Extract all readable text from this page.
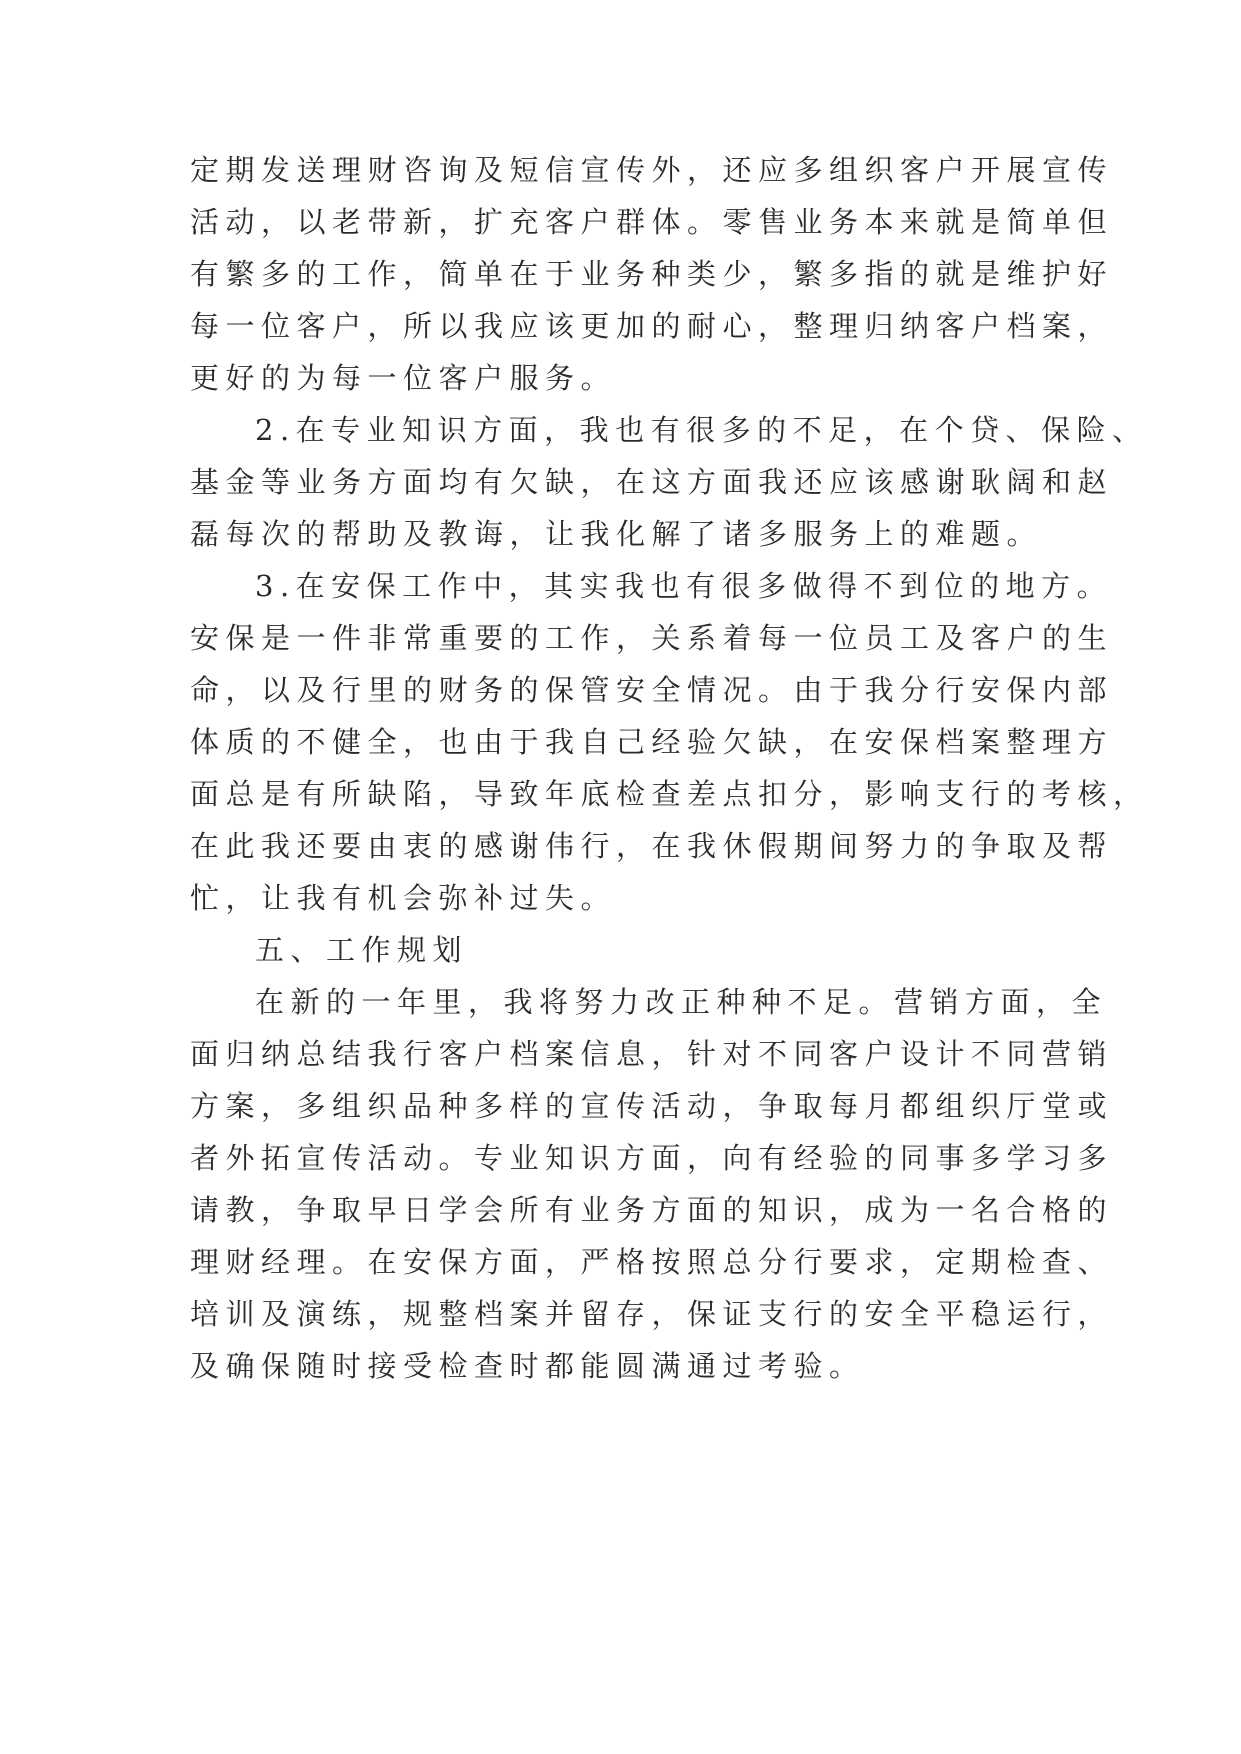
定期发送理财咨询及短信宣传外，还应多组织客户开展宣传
活动，以老带新，扩充客户群体。零售业务本来就是简单但
有繁多的工作，简单在于业务种类少，繁多指的就是维护好
每一位客户，所以我应该更加的耐心，整理归纳客户档案，
更好的为每一位客户服务。
2.在专业知识方面，我也有很多的不足，在个贷、保险、
基金等业务方面均有欠缺，在这方面我还应该感谢耿阔和赵
磊每次的帮助及教诲，让我化解了诸多服务上的难题。
3.在安保工作中，其实我也有很多做得不到位的地方。
安保是一件非常重要的工作，关系着每一位员工及客户的生
命，以及行里的财务的保管安全情况。由于我分行安保内部
体质的不健全，也由于我自己经验欠缺，在安保档案整理方
面总是有所缺陷，导致年底检查差点扣分，影响支行的考核，
在此我还要由衷的感谢伟行，在我休假期间努力的争取及帮
忙，让我有机会弥补过失。
五、工作规划
在新的一年里，我将努力改正种种不足。营销方面，全
面归纳总结我行客户档案信息，针对不同客户设计不同营销
方案，多组织品种多样的宣传活动，争取每月都组织厅堂或
者外拓宣传活动。专业知识方面，向有经验的同事多学习多
请教，争取早日学会所有业务方面的知识，成为一名合格的
理财经理。在安保方面，严格按照总分行要求，定期检查、
培训及演练，规整档案并留存，保证支行的安全平稳运行，
及确保随时接受检查时都能圆满通过考验。
